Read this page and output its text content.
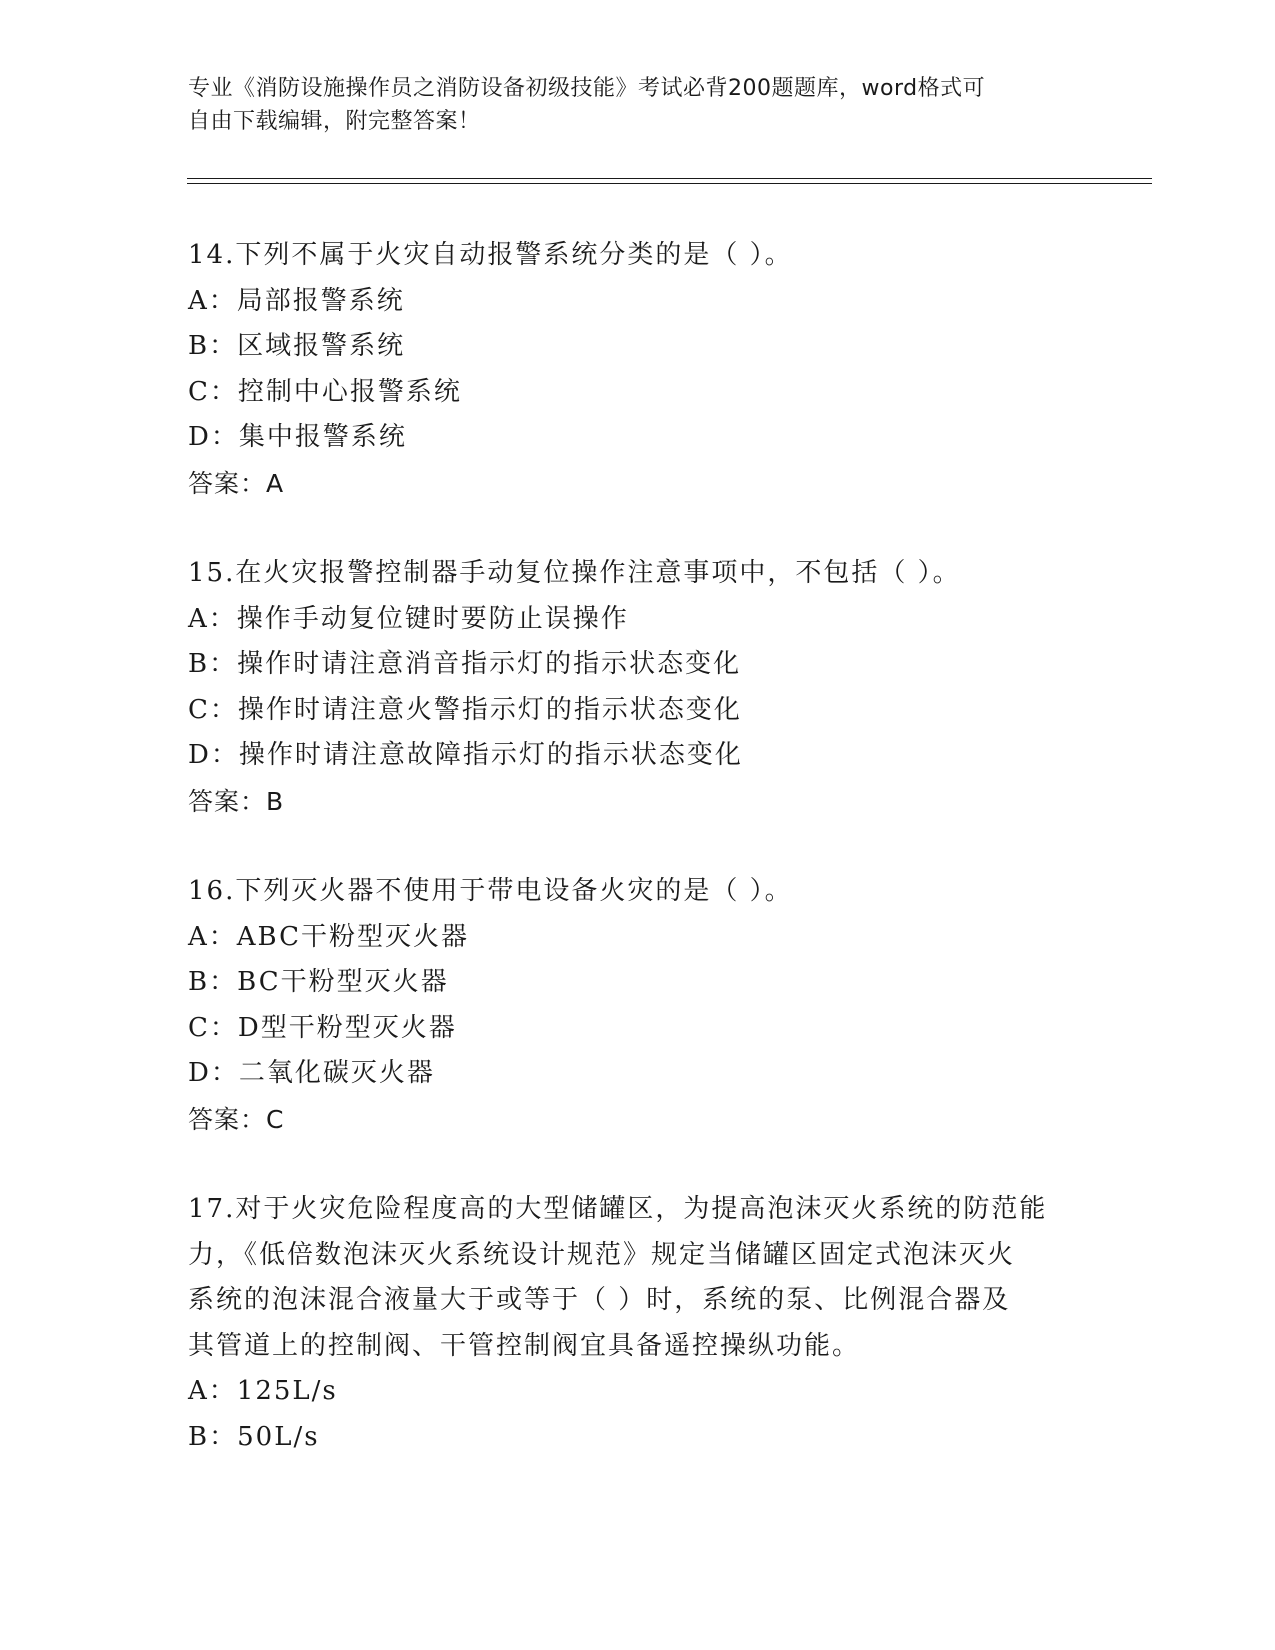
专业《消防设施操作员之消防设备初级技能》考试必背200题题库，word格式可
自由下载编辑，附完整答案！
14.下列不属于火灾自动报警系统分类的是（ ）。
A：局部报警系统
B：区域报警系统
C：控制中心报警系统
D：集中报警系统
答案：A
15.在火灾报警控制器手动复位操作注意事项中，不包括（ ）。
A：操作手动复位键时要防止误操作
B：操作时请注意消音指示灯的指示状态变化
C：操作时请注意火警指示灯的指示状态变化
D：操作时请注意故障指示灯的指示状态变化
答案：B
16.下列灭火器不使用于带电设备火灾的是（ ）。
A：ABC干粉型灭火器
B：BC干粉型灭火器
C：D型干粉型灭火器
D：二氧化碳灭火器
答案：C
17.对于火灾危险程度高的大型储罐区，为提高泡沫灭火系统的防范能
力，《低倍数泡沫灭火系统设计规范》规定当储罐区固定式泡沫灭火
系统的泡沫混合液量大于或等于（ ）时，系统的泵、比例混合器及
其管道上的控制阀、干管控制阀宜具备遥控操纵功能。
A：125L/s
B：50L/s
